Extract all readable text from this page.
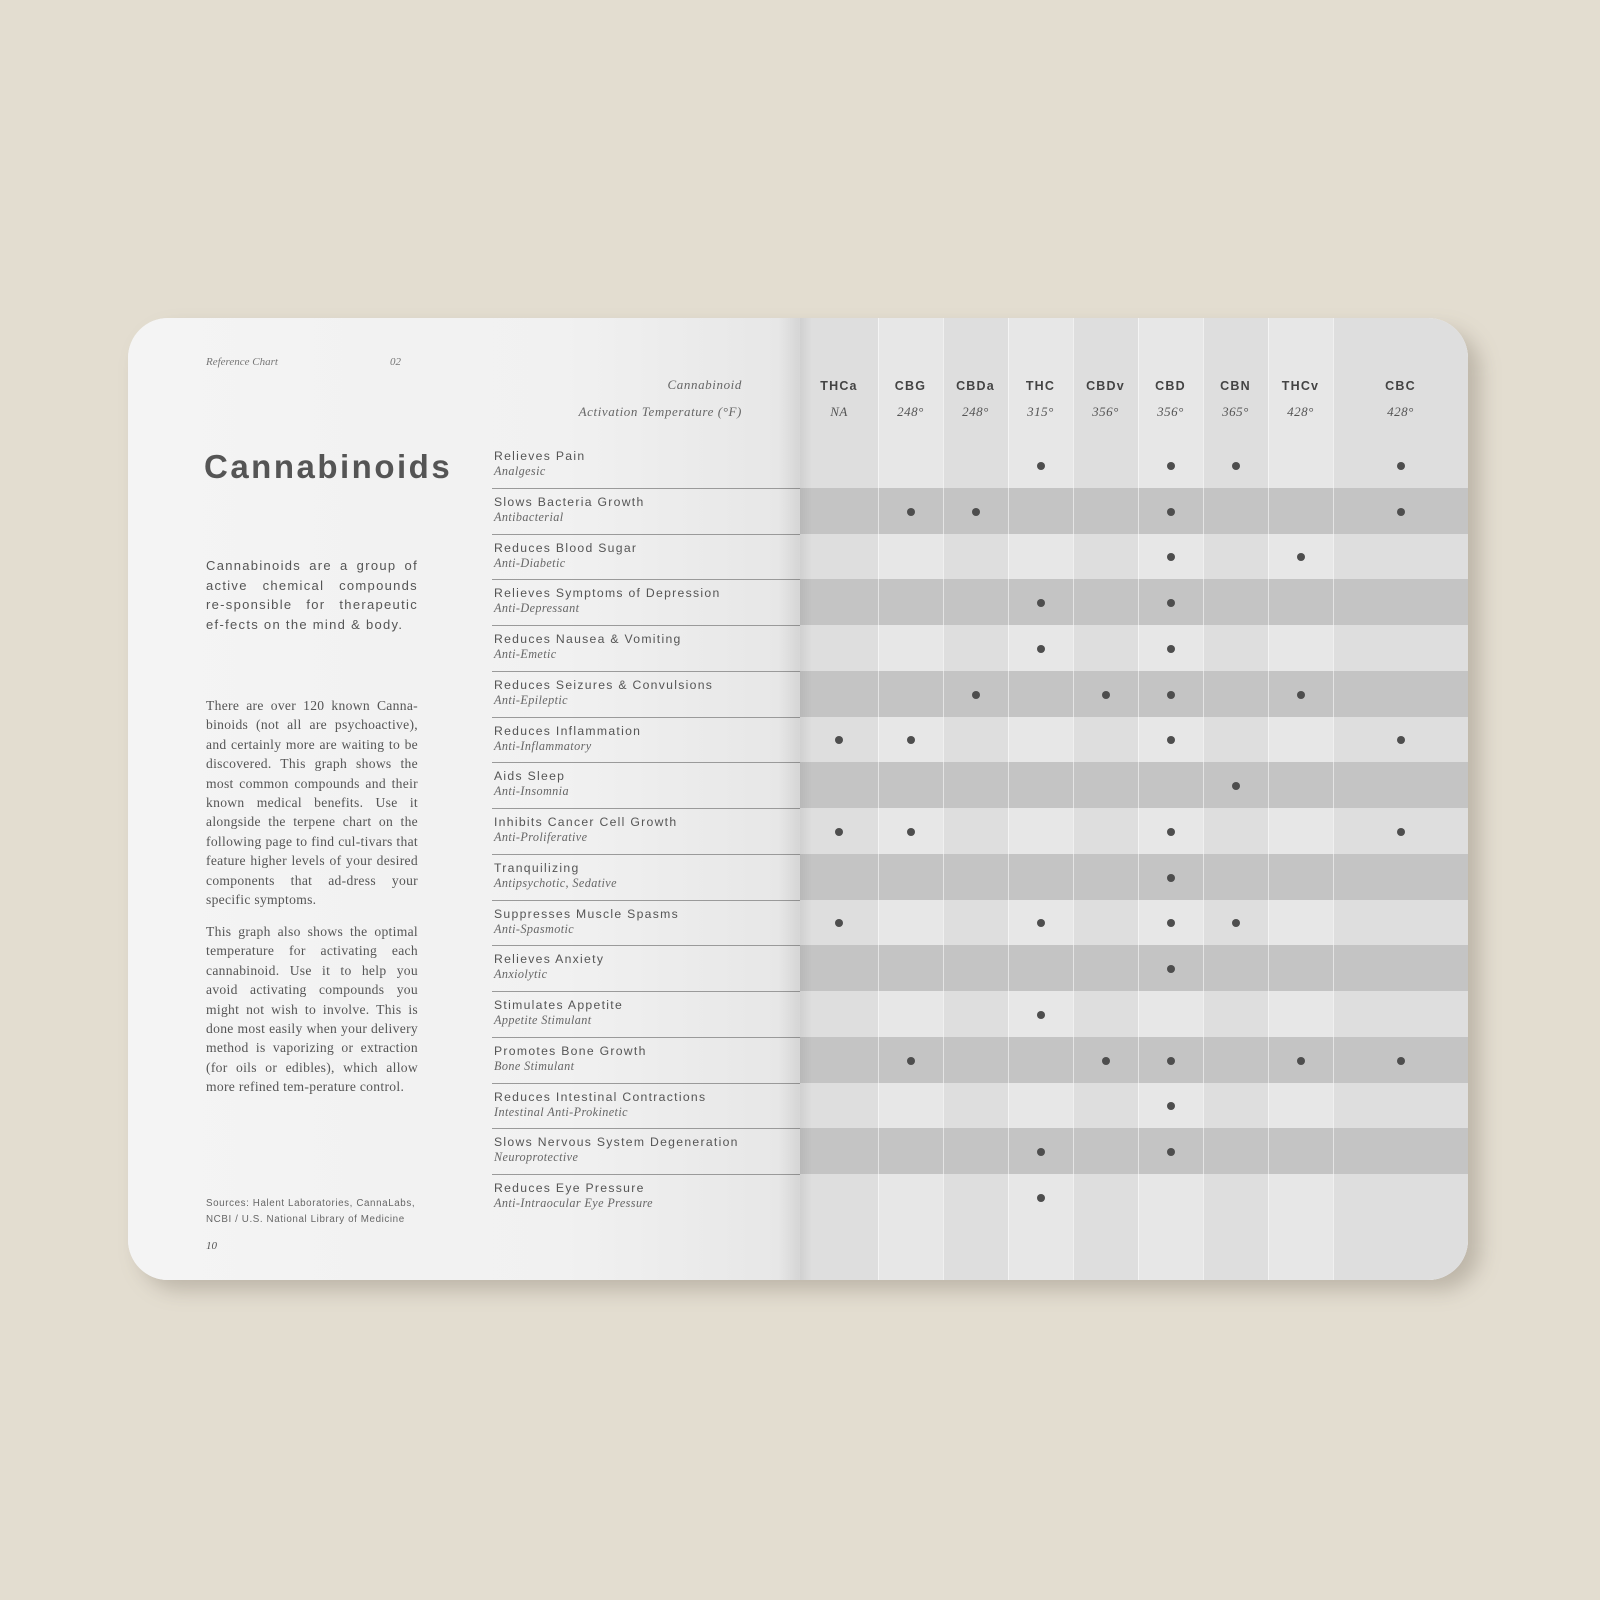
Reference Chart	02
Cannabinoids
Cannabinoids are a group of active chemical compounds re-sponsible for therapeutic ef-fects on the mind & body.
There are over 120 known Canna-binoids (not all are psychoactive), and certainly more are waiting to be discovered. This graph shows the most common compounds and their known medical benefits. Use it alongside the terpene chart on the following page to find cul-tivars that feature higher levels of your desired components that ad-dress your specific symptoms.
This graph also shows the optimal temperature for activating each cannabinoid. Use it to help you avoid activating compounds you might not wish to involve. This is done most easily when your delivery method is vaporizing or extraction (for oils or edibles), which allow more refined tem-perature control.
Sources: Halent Laboratories, CannaLabs,
NCBI / U.S. National Library of Medicine
10
Cannabinoid
Activation Temperature (°F)
THCa
NA
CBG
248°
CBDa
248°
THC
315°
CBDv
356°
CBD
356°
CBN
365°
THCv
428°
CBC
428°
Relieves Pain
Analgesic
Slows Bacteria Growth
Antibacterial
Reduces Blood Sugar
Anti-Diabetic
Relieves Symptoms of Depression
Anti-Depressant
Reduces Nausea & Vomiting
Anti-Emetic
Reduces Seizures & Convulsions
Anti-Epileptic
Reduces Inflammation
Anti-Inflammatory
Aids Sleep
Anti-Insomnia
Inhibits Cancer Cell Growth
Anti-Proliferative
Tranquilizing
Antipsychotic, Sedative
Suppresses Muscle Spasms
Anti-Spasmotic
Relieves Anxiety
Anxiolytic
Stimulates Appetite
Appetite Stimulant
Promotes Bone Growth
Bone Stimulant
Reduces Intestinal Contractions
Intestinal Anti-Prokinetic
Slows Nervous System Degeneration
Neuroprotective
Reduces Eye Pressure
Anti-Intraocular Eye Pressure
